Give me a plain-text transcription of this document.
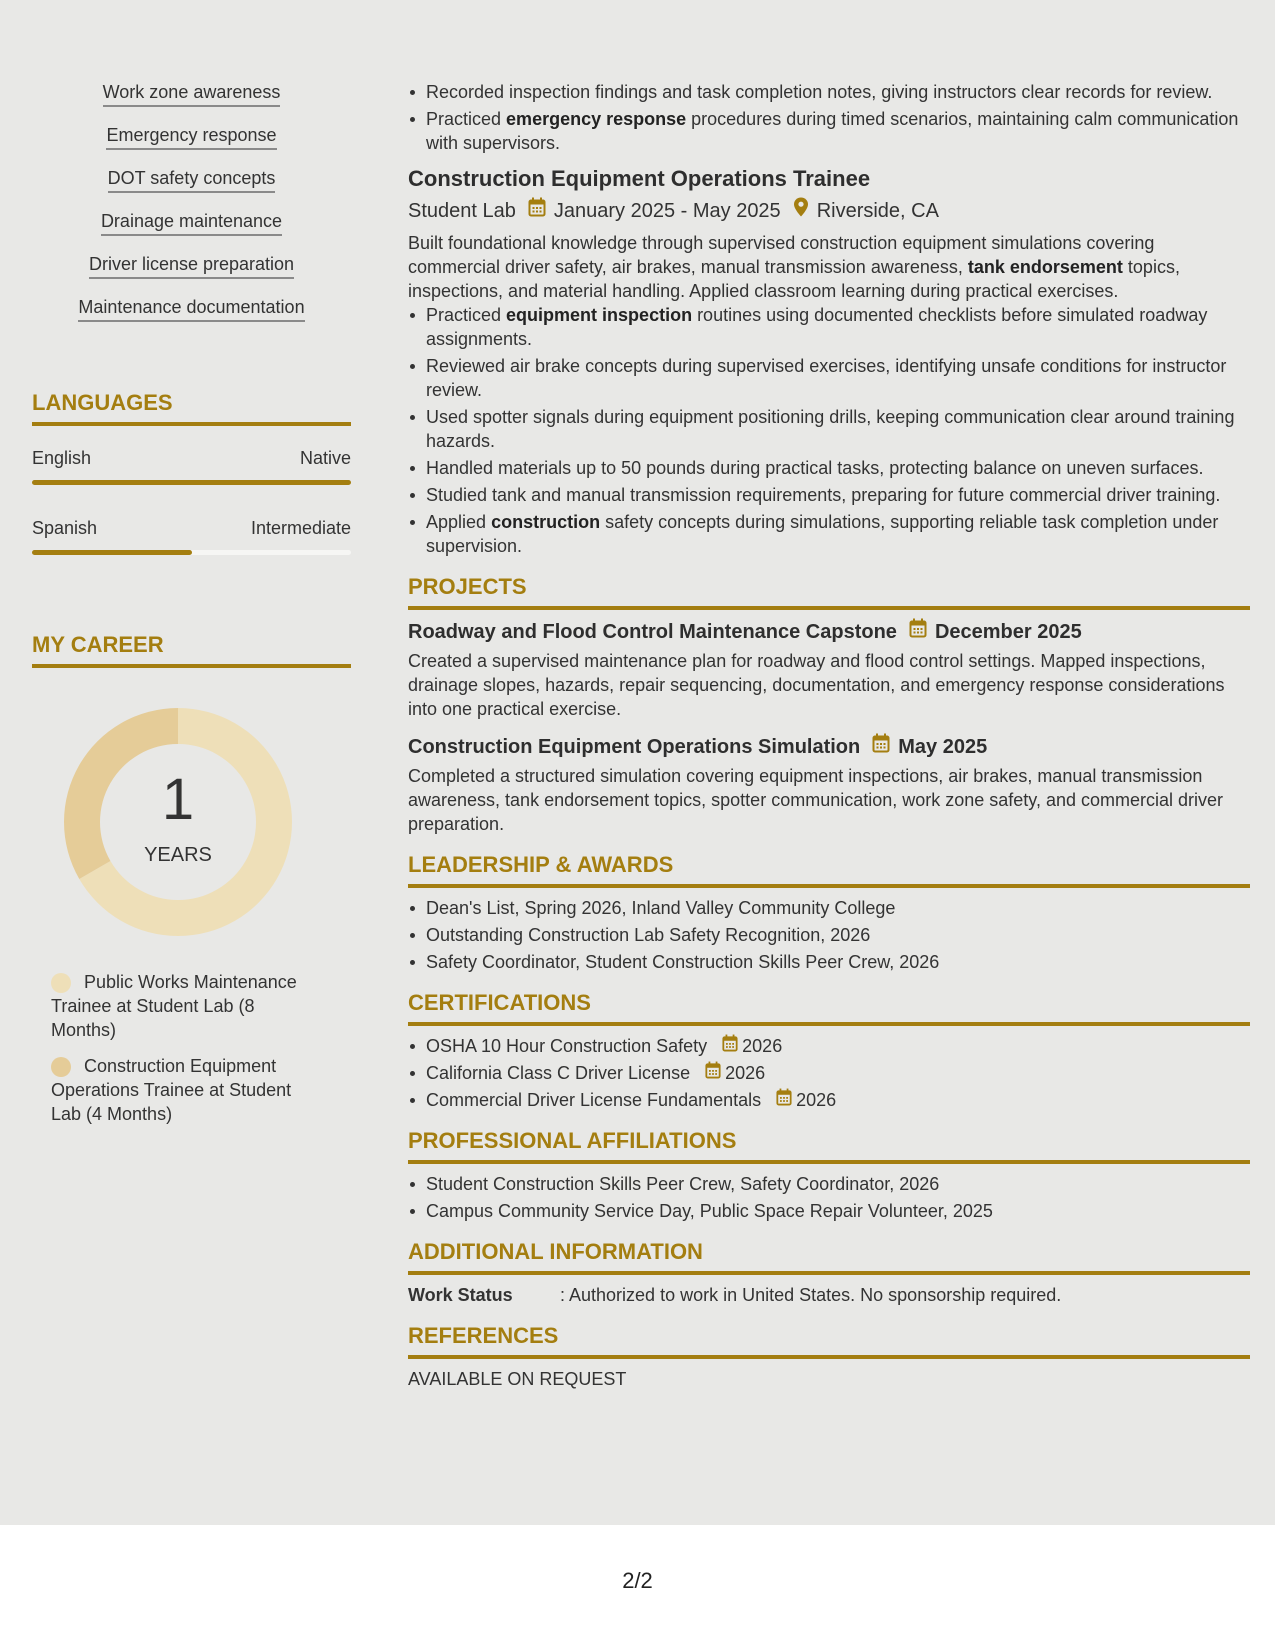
Work zone awareness
Emergency response
DOT safety concepts
Drainage maintenance
Driver license preparation
Maintenance documentation
LANGUAGES
English	Native
Spanish	Intermediate
MY CAREER
1
YEARS
Public Works Maintenance Trainee at Student Lab (8 Months)
Construction Equipment Operations Trainee at Student Lab (4 Months)
Recorded inspection findings and task completion notes, giving instructors clear records for review.
Practiced emergency response procedures during timed scenarios, maintaining calm communication with supervisors.
Construction Equipment Operations Trainee
Student Lab January 2025 - May 2025 Riverside, CA
Built foundational knowledge through supervised construction equipment simulations covering commercial driver safety, air brakes, manual transmission awareness, tank endorsement topics, inspections, and material handling. Applied classroom learning during practical exercises.
Practiced equipment inspection routines using documented checklists before simulated roadway assignments.
Reviewed air brake concepts during supervised exercises, identifying unsafe conditions for instructor review.
Used spotter signals during equipment positioning drills, keeping communication clear around training hazards.
Handled materials up to 50 pounds during practical tasks, protecting balance on uneven surfaces.
Studied tank and manual transmission requirements, preparing for future commercial driver training.
Applied construction safety concepts during simulations, supporting reliable task completion under supervision.
PROJECTS
Roadway and Flood Control Maintenance Capstone December 2025
Created a supervised maintenance plan for roadway and flood control settings. Mapped inspections, drainage slopes, hazards, repair sequencing, documentation, and emergency response considerations into one practical exercise.
Construction Equipment Operations Simulation May 2025
Completed a structured simulation covering equipment inspections, air brakes, manual transmission awareness, tank endorsement topics, spotter communication, work zone safety, and commercial driver preparation.
LEADERSHIP & AWARDS
Dean's List, Spring 2026, Inland Valley Community College
Outstanding Construction Lab Safety Recognition, 2026
Safety Coordinator, Student Construction Skills Peer Crew, 2026
CERTIFICATIONS
OSHA 10 Hour Construction Safety 2026
California Class C Driver License 2026
Commercial Driver License Fundamentals 2026
PROFESSIONAL AFFILIATIONS
Student Construction Skills Peer Crew, Safety Coordinator, 2026
Campus Community Service Day, Public Space Repair Volunteer, 2025
ADDITIONAL INFORMATION
Work Status	: Authorized to work in United States. No sponsorship required.
REFERENCES
AVAILABLE ON REQUEST
2/2
